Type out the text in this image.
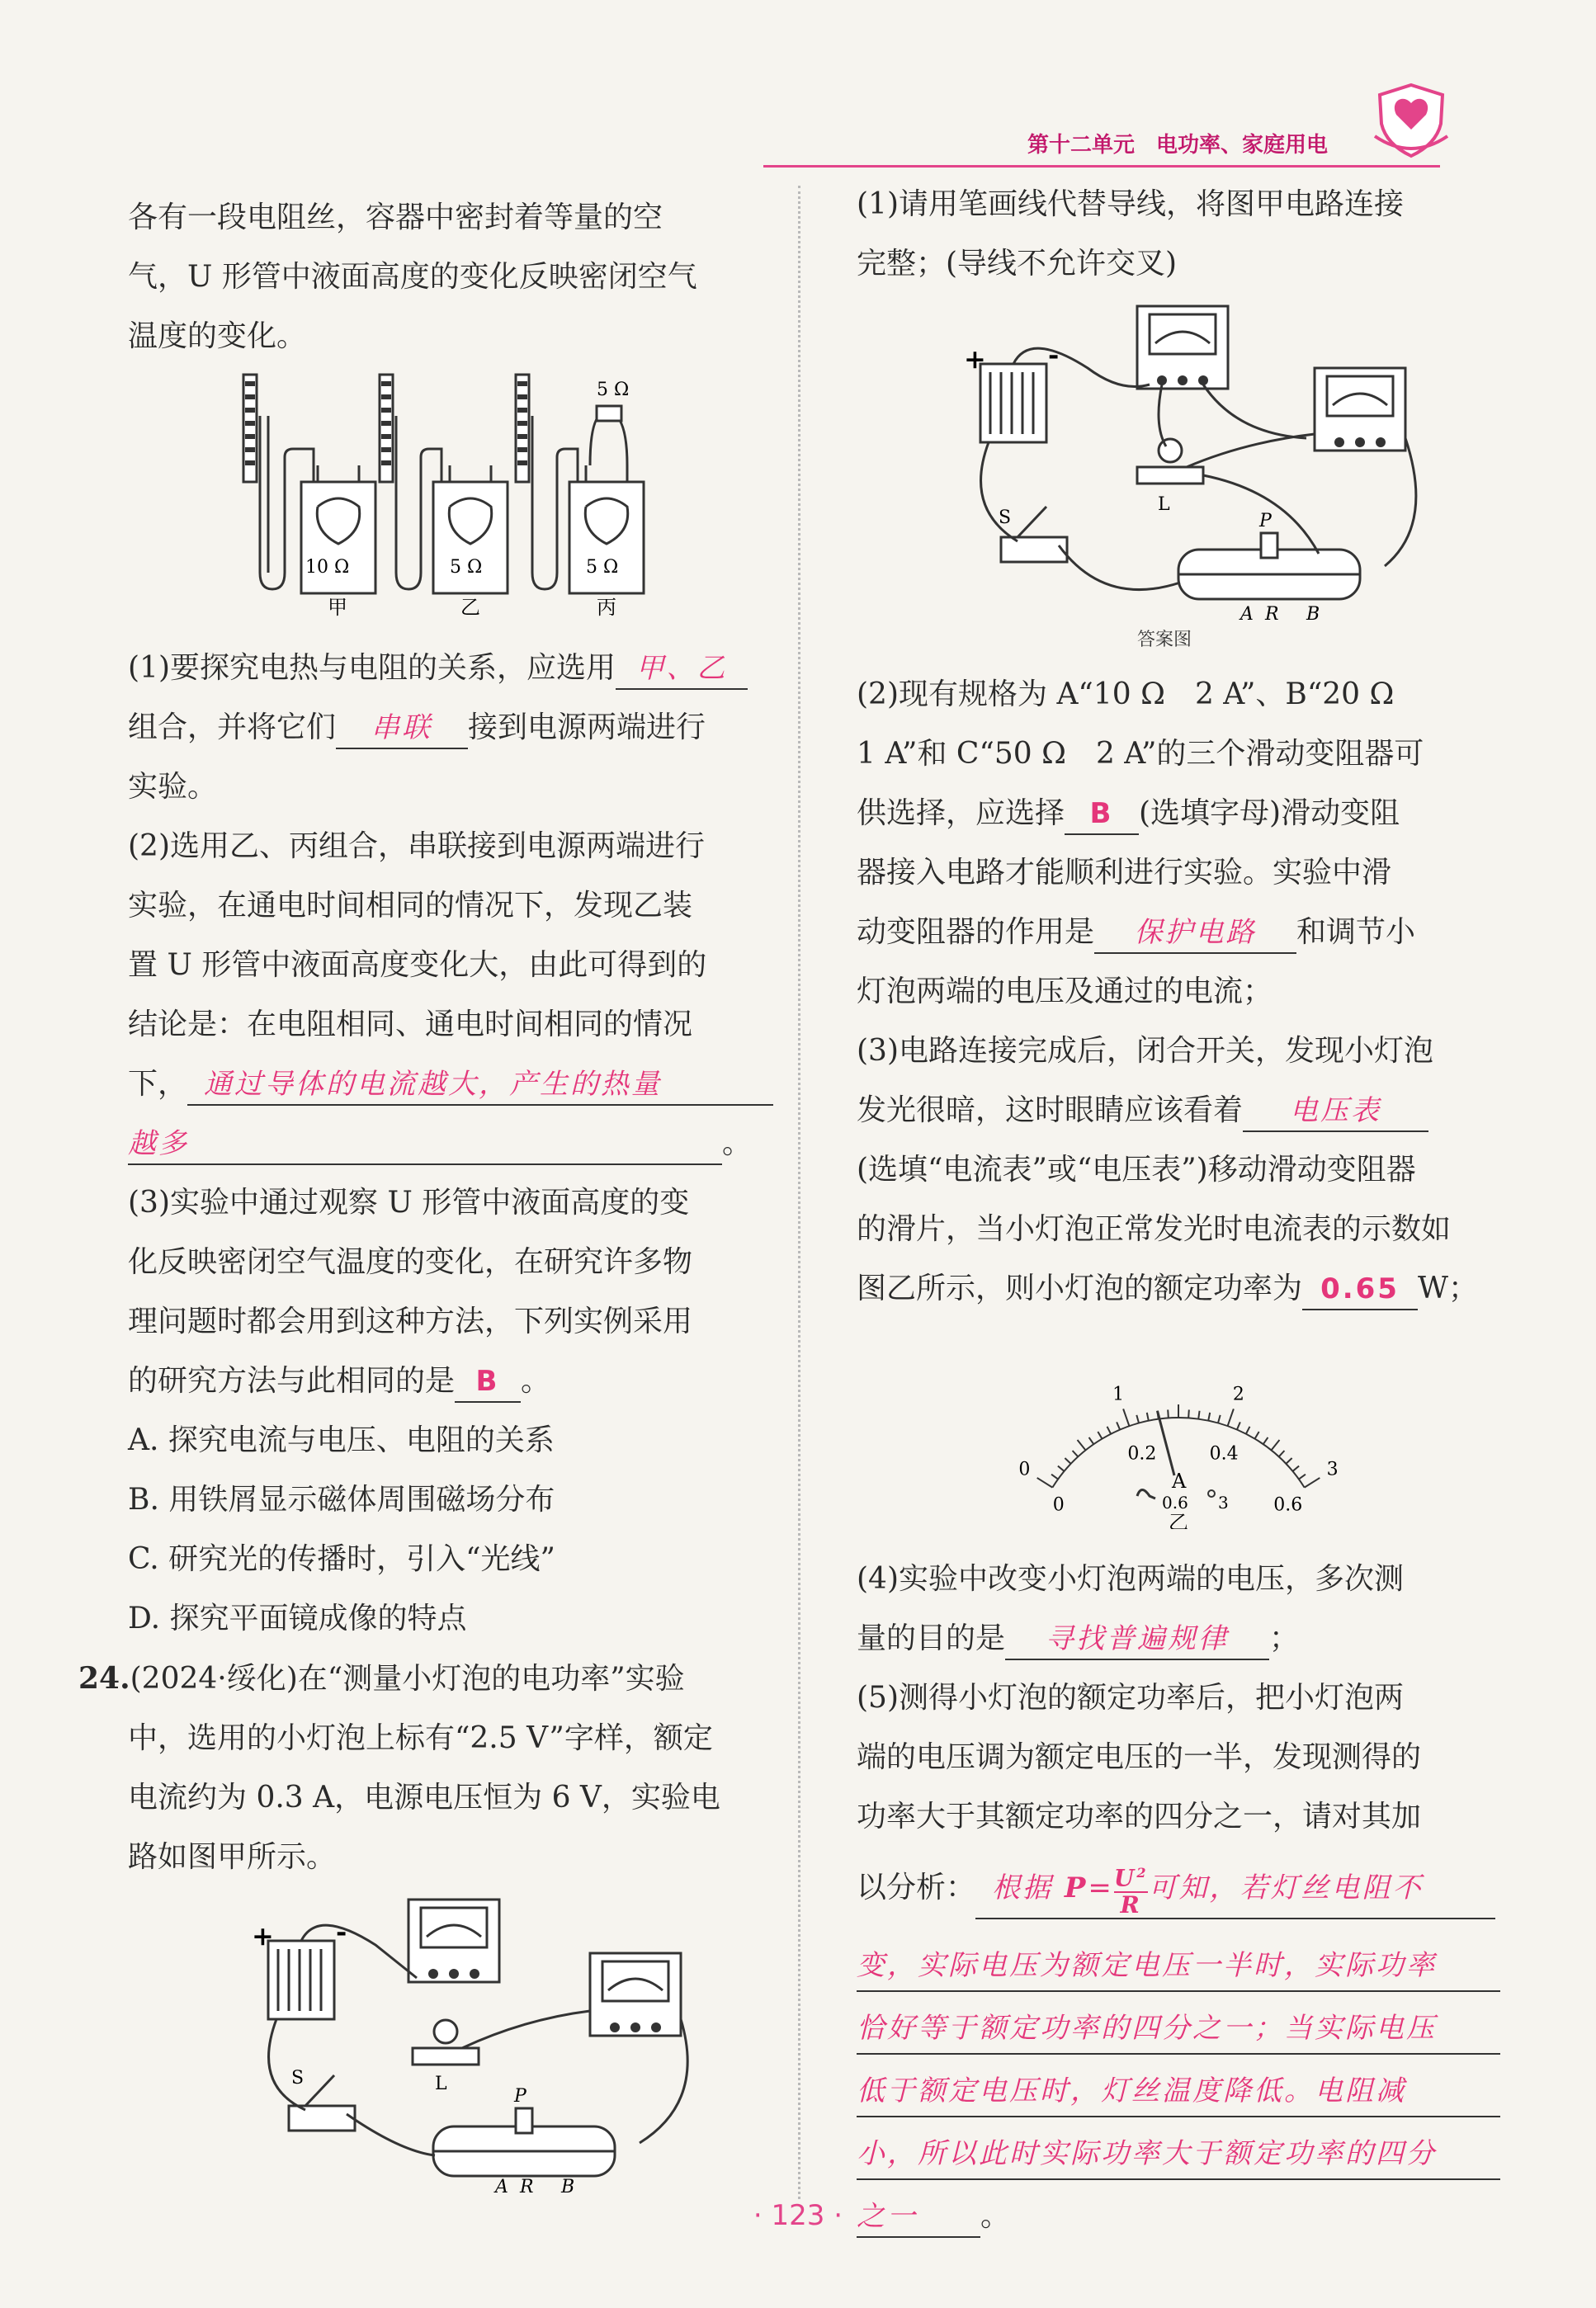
第十二单元　电功率、家庭用电

各有一段电阻丝，容器中密封着等量的空

气，U 形管中液面高度的变化反映密闭空气

温度的变化。

10 Ω	5 Ω	5 Ω
5 Ω
甲	乙	丙

(1)要探究电热与电阻的关系，应选用 甲、乙

组合，并将它们 串联 接到电源两端进行

实验。

(2)选用乙、丙组合，串联接到电源两端进行

实验，在通电时间相同的情况下，发现乙装

置 U 形管中液面高度变化大，由此可得到的

结论是：在电阻相同、通电时间相同的情况

下， 通过导体的电流越大，产生的热量

越多	。

(3)实验中通过观察 U 形管中液面高度的变

化反映密闭空气温度的变化，在研究许多物

理问题时都会用到这种方法，下列实例采用

的研究方法与此相同的是 B 。

A. 探究电流与电压、电阻的关系

B. 用铁屑显示磁体周围磁场分布

C. 研究光的传播时，引入“光线”

D. 探究平面镜成像的特点

24.(2024·绥化)在“测量小灯泡的电功率”实验

中，选用的小灯泡上标有“2.5 V”字样，额定

电流约为 0.3 A，电源电压恒为 6 V，实验电

路如图甲所示。

+ -
L
S
P
A R B

(1)请用笔画线代替导线，将图甲电路连接

完整；(导线不允许交叉)

+ -
L
S	P
A R B
答案图

(2)现有规格为 A“10 Ω　2 A”、B“20 Ω

1 A”和 C“50 Ω　2 A”的三个滑动变阻器可

供选择，应选择 B (选填字母)滑动变阻

器接入电路才能顺利进行实验。实验中滑

动变阻器的作用是 保护电路 和调节小

灯泡两端的电压及通过的电流；

(3)电路连接完成后，闭合开关，发现小灯泡

发光很暗，这时眼睛应该看着 电压表

(选填“电流表”或“电压表”)移动滑动变阻器

的滑片，当小灯泡正常发光时电流表的示数如

图乙所示，则小灯泡的额定功率为 0.65 W；

0
1	2
3
0
0.2	0.4
0.6
A
0.6 3
乙

(4)实验中改变小灯泡两端的电压，多次测

量的目的是 寻找普遍规律 ；

(5)测得小灯泡的额定功率后，把小灯泡两

端的电压调为额定电压的一半，发现测得的

功率大于其额定功率的四分之一，请对其加

以分析： 根据 $P= \frac{U^2}{R}$ 可知，若灯丝电阻不

变，实际电压为额定电压一半时，实际功率
恰好等于额定功率的四分之一；当实际电压
低于额定电压时，灯丝温度降低。电阻减
小，所以此时实际功率大于额定功率的四分

之一 。

· 123 ·
